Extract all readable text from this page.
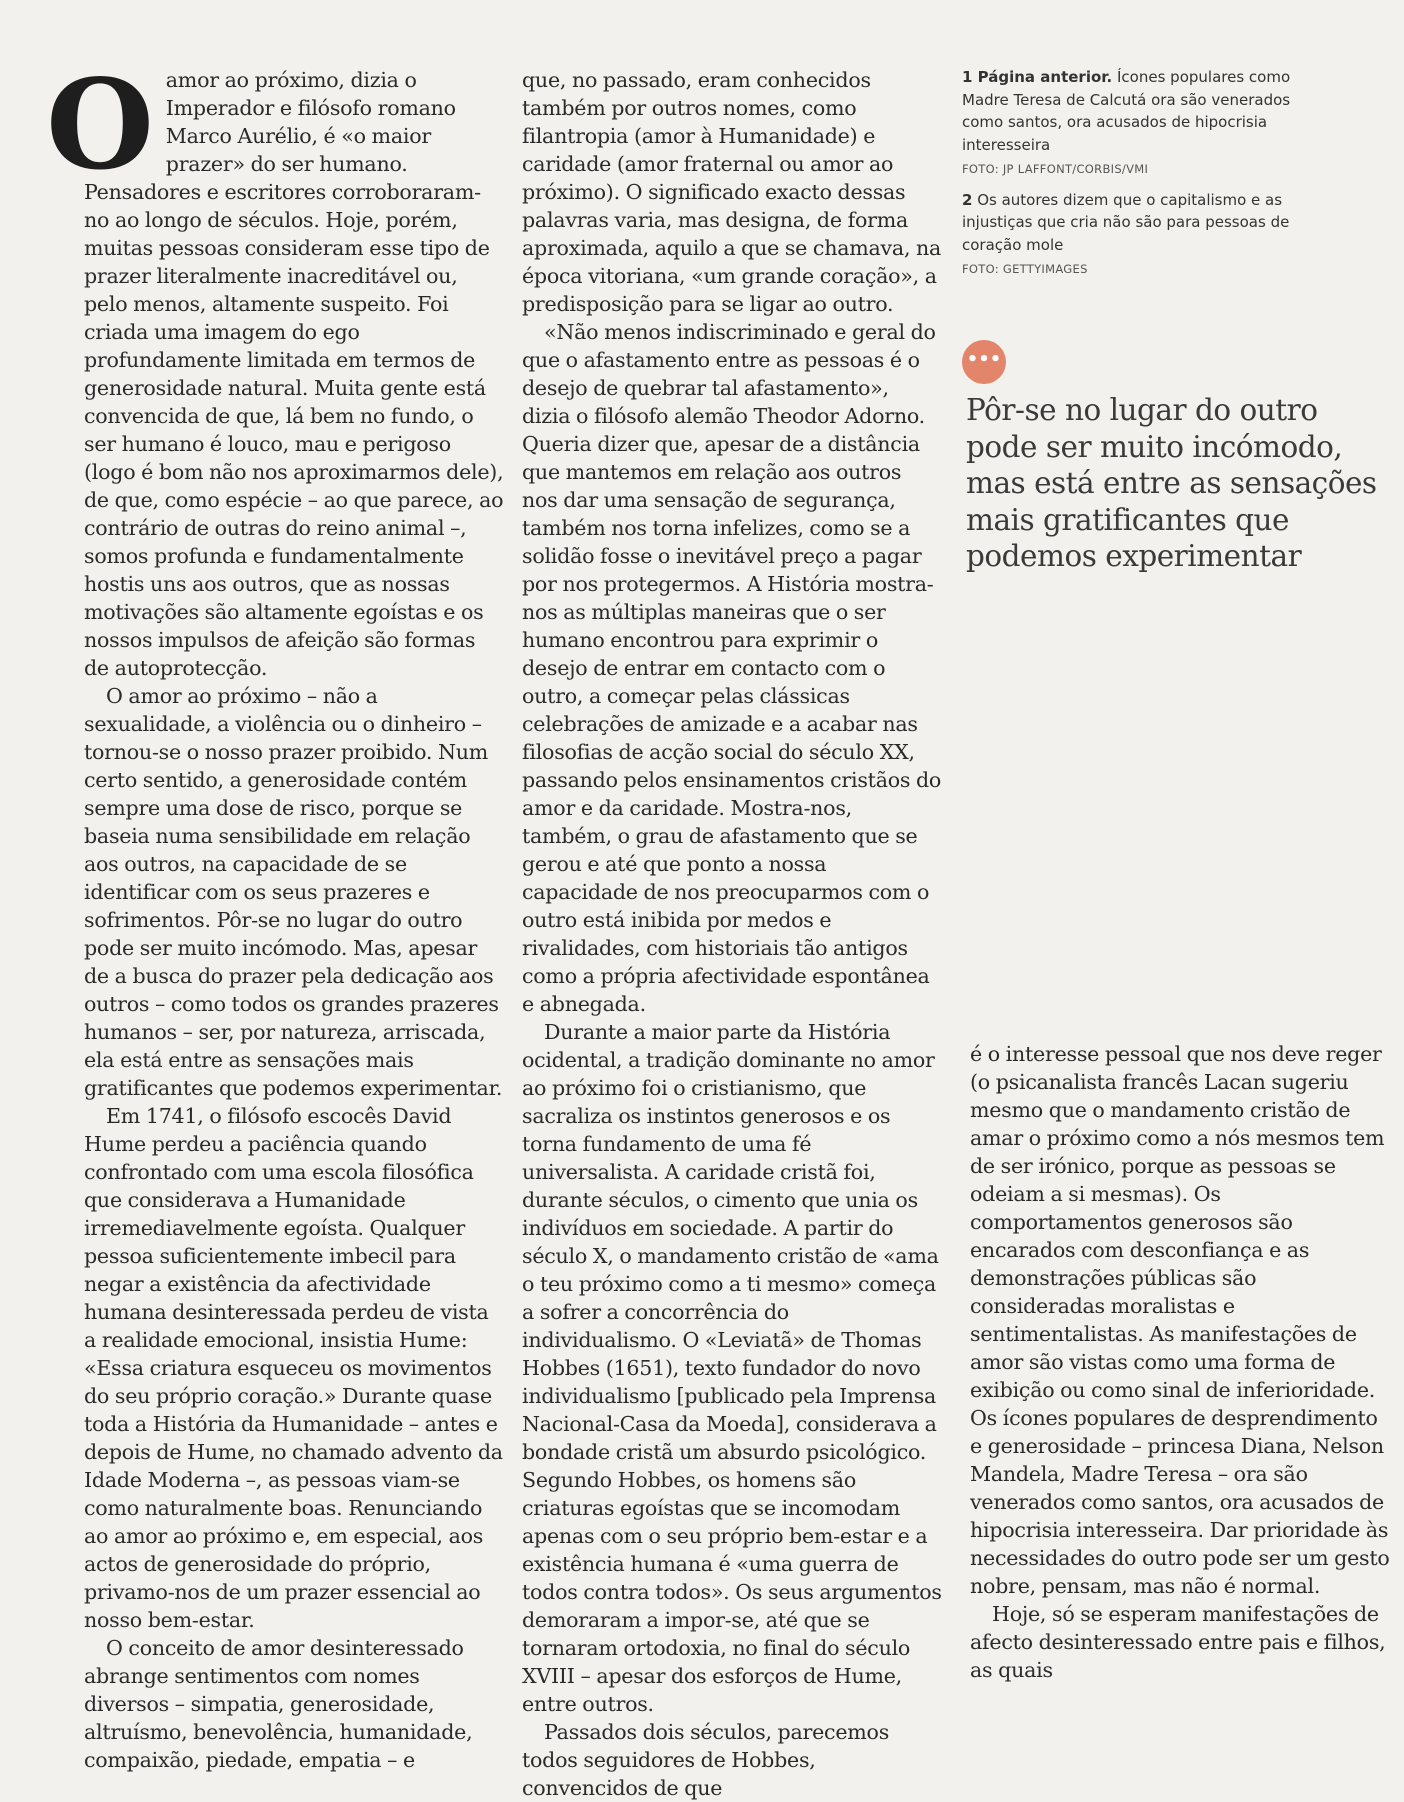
Oamor ao próximo, dizia o Imperador e filósofo romano Marco Aurélio, é «o maior prazer» do ser humano. Pensadores e escritores corroboraram-no ao longo de séculos. Hoje, porém, muitas pessoas consideram esse tipo de prazer literalmente inacreditável ou, pelo menos, altamente suspeito. Foi criada uma imagem do ego profundamente limitada em termos de generosidade natural. Muita gente está convencida de que, lá bem no fundo, o ser humano é louco, mau e perigoso (logo é bom não nos aproximarmos dele), de que, como espécie – ao que parece, ao contrário de outras do reino animal –, somos profunda e fundamentalmente hostis uns aos outros, que as nossas motivações são altamente egoístas e os nossos impulsos de afeição são formas de autoprotecção.

O amor ao próximo – não a sexualidade, a violência ou o dinheiro – tornou-se o nosso prazer proibido. Num certo sentido, a generosidade contém sempre uma dose de risco, porque se baseia numa sensibilidade em relação aos outros, na capacidade de se identificar com os seus prazeres e sofrimentos. Pôr-se no lugar do outro pode ser muito incómodo. Mas, apesar de a busca do prazer pela dedicação aos outros – como todos os grandes prazeres humanos – ser, por natureza, arriscada, ela está entre as sensações mais gratificantes que podemos experimentar.

Em 1741, o filósofo escocês David Hume perdeu a paciência quando confrontado com uma escola filosófica que considerava a Humanidade irremediavelmente egoísta. Qualquer pessoa suficientemente imbecil para negar a existência da afectividade humana desinteressada perdeu de vista a realidade emocional, insistia Hume: «Essa criatura esqueceu os movimentos do seu próprio coração.» Durante quase toda a História da Humanidade – antes e depois de Hume, no chamado advento da Idade Moderna –, as pessoas viam-se como naturalmente boas. Renunciando ao amor ao próximo e, em especial, aos actos de generosidade do próprio, privamo-nos de um prazer essencial ao nosso bem-estar.

O conceito de amor desinteressado abrange sentimentos com nomes diversos – simpatia, generosidade, altruísmo, benevolência, humanidade, compaixão, piedade, empatia – e

que, no passado, eram conhecidos também por outros nomes, como filantropia (amor à Humanidade) e caridade (amor fraternal ou amor ao próximo). O significado exacto dessas palavras varia, mas designa, de forma aproximada, aquilo a que se chamava, na época vitoriana, «um grande coração», a predisposição para se ligar ao outro.

«Não menos indiscriminado e geral do que o afastamento entre as pessoas é o desejo de quebrar tal afastamento», dizia o filósofo alemão Theodor Adorno. Queria dizer que, apesar de a distância que mantemos em relação aos outros nos dar uma sensação de segurança, também nos torna infelizes, como se a solidão fosse o inevitável preço a pagar por nos protegermos. A História mostra-nos as múltiplas maneiras que o ser humano encontrou para exprimir o desejo de entrar em contacto com o outro, a começar pelas clássicas celebrações de amizade e a acabar nas filosofias de acção social do século XX, passando pelos ensinamentos cristãos do amor e da caridade. Mostra-nos, também, o grau de afastamento que se gerou e até que ponto a nossa capacidade de nos preocuparmos com o outro está inibida por medos e rivalidades, com historiais tão antigos como a própria afectividade espontânea e abnegada.

Durante a maior parte da História ocidental, a tradição dominante no amor ao próximo foi o cristianismo, que sacraliza os instintos generosos e os torna fundamento de uma fé universalista. A caridade cristã foi, durante séculos, o cimento que unia os indivíduos em sociedade. A partir do século X, o mandamento cristão de «ama o teu próximo como a ti mesmo» começa a sofrer a concorrência do individualismo. O «Leviatã» de Thomas Hobbes (1651), texto fundador do novo individualismo [publicado pela Imprensa Nacional-Casa da Moeda], considerava a bondade cristã um absurdo psicológico. Segundo Hobbes, os homens são criaturas egoístas que se incomodam apenas com o seu próprio bem-estar e a existência humana é «uma guerra de todos contra todos». Os seus argumentos demoraram a impor-se, até que se tornaram ortodoxia, no final do século XVIII – apesar dos esforços de Hume, entre outros.

Passados dois séculos, parecemos todos seguidores de Hobbes, convencidos de que

1 Página anterior. Ícones populares como Madre Teresa de Calcutá ora são venerados como santos, ora acusados de hipocrisia interesseira

FOTO: JP LAFFONT/CORBIS/VMI

2 Os autores dizem que o capitalismo e as injustiças que cria não são para pessoas de coração mole

FOTO: GETTYIMAGES

•••
Pôr-se no lugar do outro pode ser muito incómodo, mas está entre as sensações mais gratificantes que podemos experimentar

é o interesse pessoal que nos deve reger (o psicanalista francês Lacan sugeriu mesmo que o mandamento cristão de amar o próximo como a nós mesmos tem de ser irónico, porque as pessoas se odeiam a si mesmas). Os comportamentos generosos são encarados com desconfiança e as demonstrações públicas são consideradas moralistas e sentimentalistas. As manifestações de amor são vistas como uma forma de exibição ou como sinal de inferioridade. Os ícones populares de desprendimento e generosidade – princesa Diana, Nelson Mandela, Madre Teresa – ora são venerados como santos, ora acusados de hipocrisia interesseira. Dar prioridade às necessidades do outro pode ser um gesto nobre, pensam, mas não é normal.

Hoje, só se esperam manifestações de afecto desinteressado entre pais e filhos, as quais
